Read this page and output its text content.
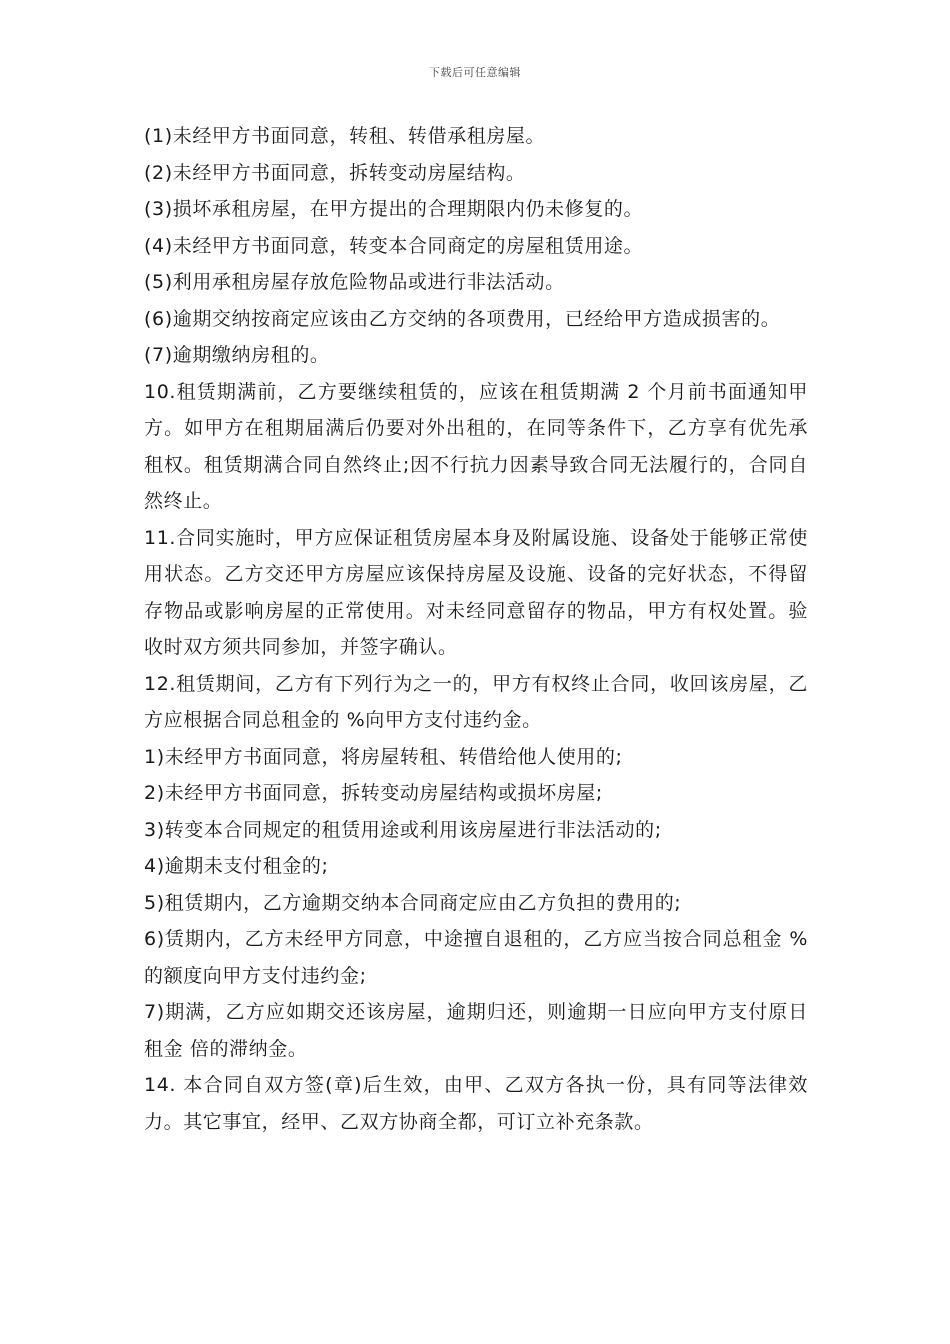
下载后可任意编辑

(1)未经甲方书面同意，转租、转借承租房屋。

(2)未经甲方书面同意，拆转变动房屋结构。

(3)损坏承租房屋，在甲方提出的合理期限内仍未修复的。

(4)未经甲方书面同意，转变本合同商定的房屋租赁用途。

(5)利用承租房屋存放危险物品或进行非法活动。

(6)逾期交纳按商定应该由乙方交纳的各项费用，已经给甲方造成损害的。

(7)逾期缴纳房租的。

10.租赁期满前，乙方要继续租赁的，应该在租赁期满 2 个月前书面通知甲方。如甲方在租期届满后仍要对外出租的，在同等条件下，乙方享有优先承租权。租赁期满合同自然终止;因不行抗力因素导致合同无法履行的，合同自然终止。

11.合同实施时，甲方应保证租赁房屋本身及附属设施、设备处于能够正常使用状态。乙方交还甲方房屋应该保持房屋及设施、设备的完好状态，不得留存物品或影响房屋的正常使用。对未经同意留存的物品，甲方有权处置。验收时双方须共同参加，并签字确认。

12.租赁期间，乙方有下列行为之一的，甲方有权终止合同，收回该房屋，乙方应根据合同总租金的 %向甲方支付违约金。

1)未经甲方书面同意，将房屋转租、转借给他人使用的;

2)未经甲方书面同意，拆转变动房屋结构或损坏房屋;

3)转变本合同规定的租赁用途或利用该房屋进行非法活动的;

4)逾期未支付租金的;

5)租赁期内，乙方逾期交纳本合同商定应由乙方负担的费用的;

6)赁期内，乙方未经甲方同意，中途擅自退租的，乙方应当按合同总租金 %的额度向甲方支付违约金;

7)期满，乙方应如期交还该房屋，逾期归还，则逾期一日应向甲方支付原日租金 倍的滞纳金。

14. 本合同自双方签(章)后生效，由甲、乙双方各执一份，具有同等法律效力。其它事宜，经甲、乙双方协商全都，可订立补充条款。
